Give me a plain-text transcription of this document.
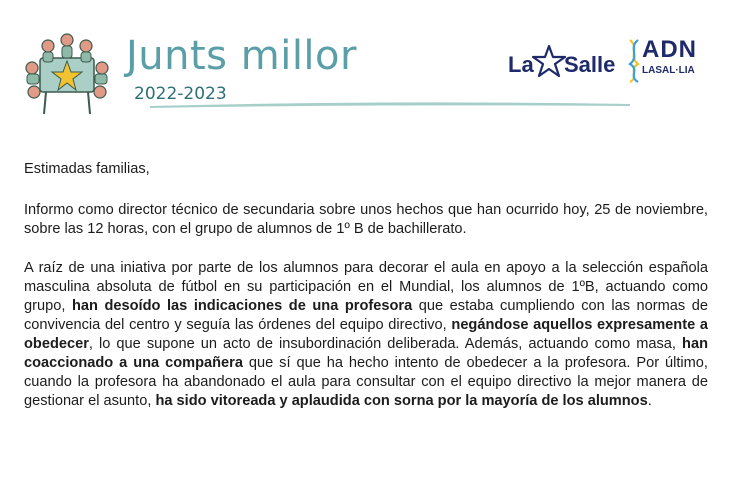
Junts millor
2022-2023
La Salle
ADN
LASAL·LIA

Estimadas familias,

Informo como director técnico de secundaria sobre unos hechos que han ocurrido hoy, 25 de noviembre, sobre las 12 horas, con el grupo de alumnos de 1º B de bachillerato.

A raíz de una iniativa por parte de los alumnos para decorar el aula en apoyo a la selección española masculina absoluta de fútbol en su participación en el Mundial, los alumnos de 1ºB, actuando como grupo, han desoído las indicaciones de una profesora que estaba cumpliendo con las normas de convivencia del centro y seguía las órdenes del equipo directivo, negándose aquellos expresamente a obedecer, lo que supone un acto de insubordinación deliberada. Además, actuando como masa, han coaccionado a una compañera que sí que ha hecho intento de obedecer a la profesora. Por último, cuando la profesora ha abandonado el aula para consultar con el equipo directivo la mejor manera de gestionar el asunto, ha sido vitoreada y aplaudida con sorna por la mayoría de los alumnos.
